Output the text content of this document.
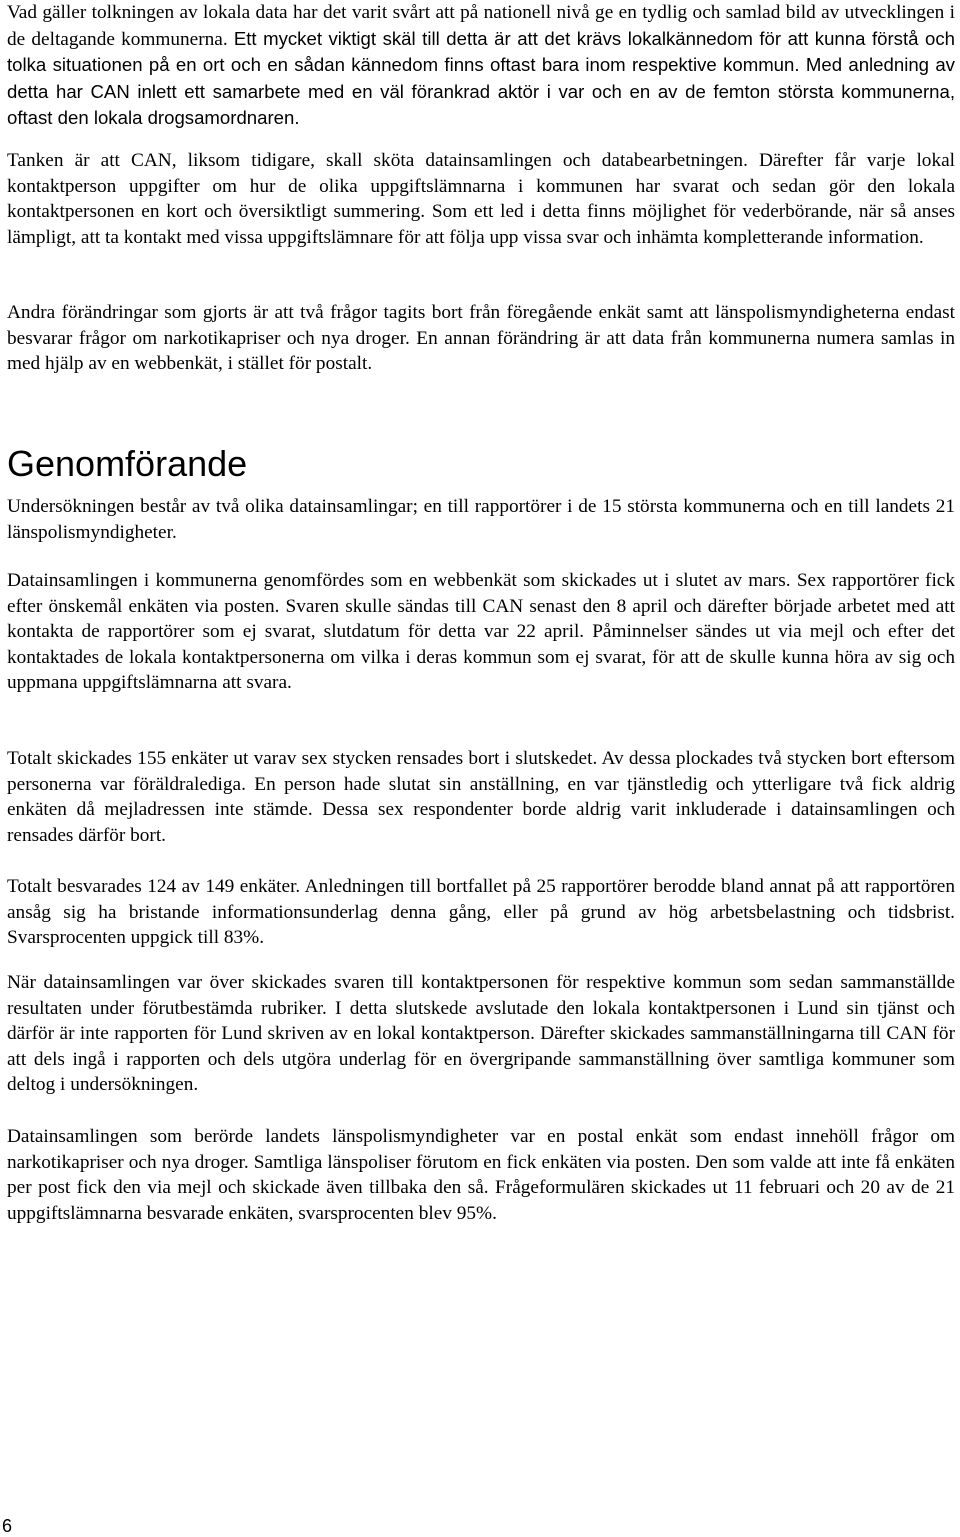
Vad gäller tolkningen av lokala data har det varit svårt att på nationell nivå ge en tydlig och samlad bild av utvecklingen i de deltagande kommunerna. Ett mycket viktigt skäl till detta är att det krävs lokalkännedom för att kunna förstå och tolka situationen på en ort och en sådan kännedom finns oftast bara inom respektive kommun. Med anledning av detta har CAN inlett ett samarbete med en väl förankrad aktör i var och en av de femton största kommunerna, oftast den lokala drogsamordnaren.

Tanken är att CAN, liksom tidigare, skall sköta datainsamlingen och databearbetningen. Därefter får varje lokal kontaktperson uppgifter om hur de olika uppgiftslämnarna i kommunen har svarat och sedan gör den lokala kontaktpersonen en kort och översiktligt summering. Som ett led i detta finns möjlighet för vederbörande, när så anses lämpligt, att ta kontakt med vissa uppgiftslämnare för att följa upp vissa svar och inhämta kompletterande information.

Andra förändringar som gjorts är att två frågor tagits bort från föregående enkät samt att länspolismyndigheterna endast besvarar frågor om narkotikapriser och nya droger. En annan förändring är att data från kommunerna numera samlas in med hjälp av en webbenkät, i stället för postalt.

Genomförande

Undersökningen består av två olika datainsamlingar; en till rapportörer i de 15 största kommunerna och en till landets 21 länspolismyndigheter.

Datainsamlingen i kommunerna genomfördes som en webbenkät som skickades ut i slutet av mars. Sex rapportörer fick efter önskemål enkäten via posten. Svaren skulle sändas till CAN senast den 8 april och därefter började arbetet med att kontakta de rapportörer som ej svarat, slutdatum för detta var 22 april. Påminnelser sändes ut via mejl och efter det kontaktades de lokala kontaktpersonerna om vilka i deras kommun som ej svarat, för att de skulle kunna höra av sig och uppmana uppgiftslämnarna att svara.

Totalt skickades 155 enkäter ut varav sex stycken rensades bort i slutskedet. Av dessa plockades två stycken bort eftersom personerna var föräldralediga. En person hade slutat sin anställning, en var tjänstledig och ytterligare två fick aldrig enkäten då mejladressen inte stämde. Dessa sex respondenter borde aldrig varit inkluderade i datainsamlingen och rensades därför bort.

Totalt besvarades 124 av 149 enkäter. Anledningen till bortfallet på 25 rapportörer berodde bland annat på att rapportören ansåg sig ha bristande informationsunderlag denna gång, eller på grund av hög arbetsbelastning och tidsbrist. Svarsprocenten uppgick till 83%.

När datainsamlingen var över skickades svaren till kontaktpersonen för respektive kommun som sedan sammanställde resultaten under förutbestämda rubriker. I detta slutskede avslutade den lokala kontaktpersonen i Lund sin tjänst och därför är inte rapporten för Lund skriven av en lokal kontaktperson. Därefter skickades sammanställningarna till CAN för att dels ingå i rapporten och dels utgöra underlag för en övergripande sammanställning över samtliga kommuner som deltog i undersökningen.

Datainsamlingen som berörde landets länspolismyndigheter var en postal enkät som endast innehöll frågor om narkotikapriser och nya droger. Samtliga länspoliser förutom en fick enkäten via posten. Den som valde att inte få enkäten per post fick den via mejl och skickade även tillbaka den så. Frågeformulären skickades ut 11 februari och 20 av de 21 uppgiftslämnarna besvarade enkäten, svarsprocenten blev 95%.

6
